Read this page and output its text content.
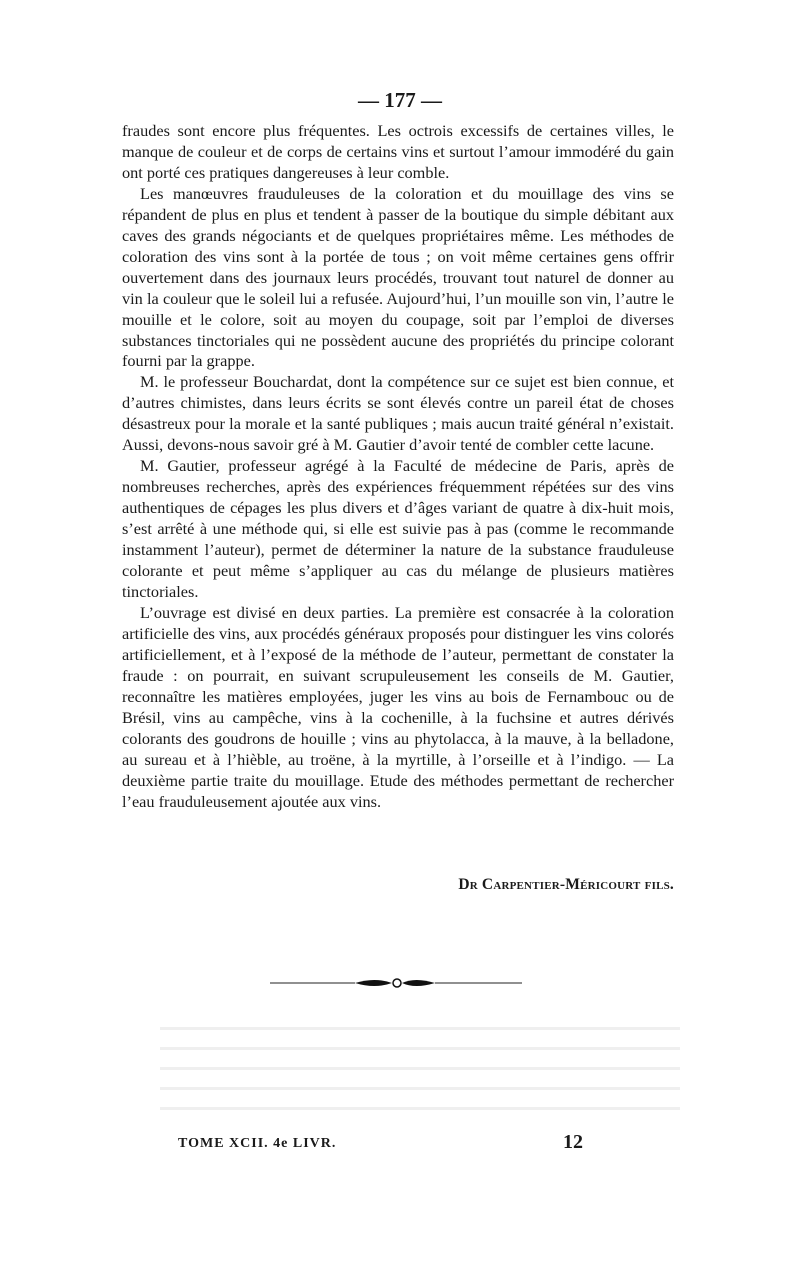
— 177 —

fraudes sont encore plus fréquentes. Les octrois excessifs de certaines villes, le manque de couleur et de corps de certains vins et surtout l’amour immodéré du gain ont porté ces pratiques dangereuses à leur comble.

Les manœuvres frauduleuses de la coloration et du mouillage des vins se répandent de plus en plus et tendent à passer de la boutique du simple débitant aux caves des grands négociants et de quelques propriétaires même. Les méthodes de coloration des vins sont à la portée de tous ; on voit même certaines gens offrir ouvertement dans des journaux leurs procédés, trouvant tout naturel de donner au vin la couleur que le soleil lui a refusée. Aujourd’hui, l’un mouille son vin, l’autre le mouille et le colore, soit au moyen du coupage, soit par l’emploi de diverses substances tinctoriales qui ne possèdent aucune des propriétés du principe colorant fourni par la grappe.

M. le professeur Bouchardat, dont la compétence sur ce sujet est bien connue, et d’autres chimistes, dans leurs écrits se sont élevés contre un pareil état de choses désastreux pour la morale et la santé publiques ; mais aucun traité général n’existait. Aussi, devons-nous savoir gré à M. Gautier d’avoir tenté de combler cette lacune.

M. Gautier, professeur agrégé à la Faculté de médecine de Paris, après de nombreuses recherches, après des expériences fréquemment répétées sur des vins authentiques de cépages les plus divers et d’âges variant de quatre à dix-huit mois, s’est arrêté à une méthode qui, si elle est suivie pas à pas (comme le recommande instamment l’auteur), permet de déterminer la nature de la substance frauduleuse colorante et peut même s’appliquer au cas du mélange de plusieurs matières tinctoriales.

L’ouvrage est divisé en deux parties. La première est consacrée à la coloration artificielle des vins, aux procédés généraux proposés pour distinguer les vins colorés artificiellement, et à l’exposé de la méthode de l’auteur, permettant de constater la fraude : on pourrait, en suivant scrupuleusement les conseils de M. Gautier, reconnaître les matières employées, juger les vins au bois de Fernambouc ou de Brésil, vins au campêche, vins à la cochenille, à la fuchsine et autres dérivés colorants des goudrons de houille ; vins au phytolacca, à la mauve, à la belladone, au sureau et à l’hièble, au troëne, à la myrtille, à l’orseille et à l’indigo. — La deuxième partie traite du mouillage. Etude des méthodes permettant de rechercher l’eau frauduleusement ajoutée aux vins.

Dr Carpentier-Méricourt fils.
TOME XCII. 4e LIVR.	12
